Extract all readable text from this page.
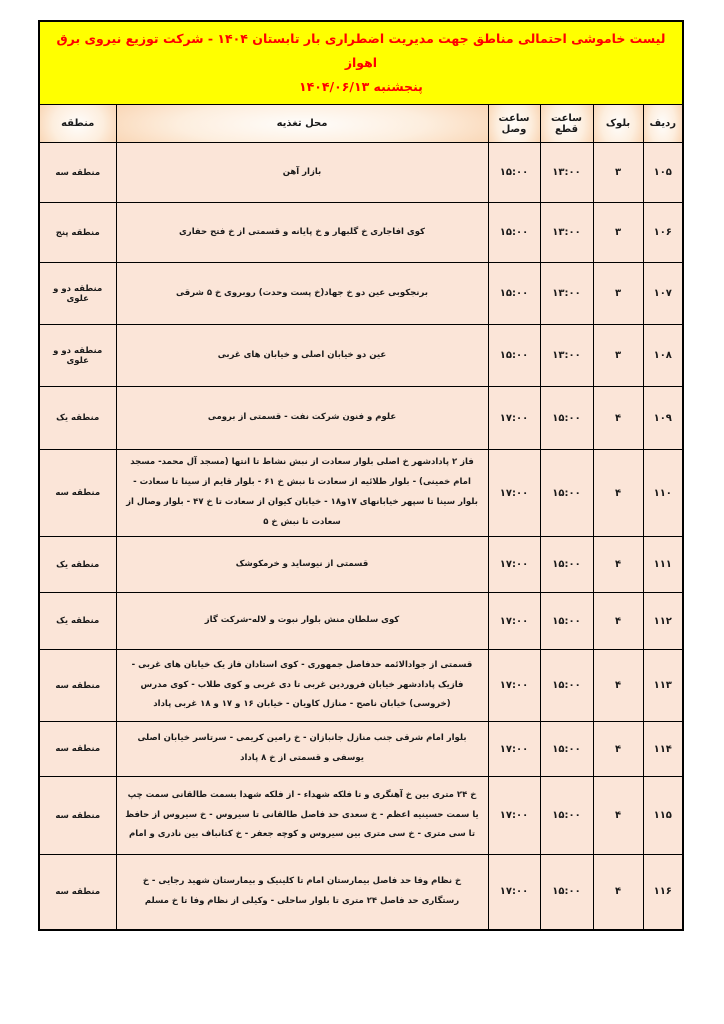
لیست خاموشی احتمالی مناطق جهت مدیریت اضطراری بار تابستان ۱۴۰۴ - شرکت توزیع نیروی برق اهواز
پنجشنبه ۱۴۰۴/۰۶/۱۳					

ردیف	بلوک	ساعت قطع	ساعت وصل	محل تغذیه	منطقه
۱۰۵	۳	۱۳:۰۰	۱۵:۰۰	بازار آهن	منطقه سه
۱۰۶	۳	۱۳:۰۰	۱۵:۰۰	کوی افاجاری خ گلبهار و خ پایانه و قسمتی از خ فتح حفاری	منطقه پنج
۱۰۷	۳	۱۳:۰۰	۱۵:۰۰	برنجکوبی عین دو خ جهاد(خ پست وحدت) روبروی خ ۵ شرقی	منطقه دو و علوی
۱۰۸	۳	۱۳:۰۰	۱۵:۰۰	عین دو خیابان اصلی و خیابان های غربی	منطقه دو و علوی
۱۰۹	۴	۱۵:۰۰	۱۷:۰۰	علوم و فنون شرکت نفت - قسمتی از برومی	منطقه یک
۱۱۰	۴	۱۵:۰۰	۱۷:۰۰	فاز ۲ پادادشهر خ اصلی بلوار سعادت از نبش نشاط تا انتها (مسجد آل محمد- مسجد امام خمینی) - بلوار طلائیه از سعادت تا نبش خ ۶۱ - بلوار قایم از سینا تا سعادت - بلوار سینا تا سپهر خیابانهای ۱۷و۱۸ - خیابان کیوان از سعادت تا خ ۴۷ - بلوار وصال از سعادت تا نبش خ ۵	منطقه سه
۱۱۱	۴	۱۵:۰۰	۱۷:۰۰	قسمتی از نیوساید و خرمکوشک	منطقه یک
۱۱۲	۴	۱۵:۰۰	۱۷:۰۰	کوی سلطان منش بلوار نبوت و لاله-شرکت گاز	منطقه یک
۱۱۳	۴	۱۵:۰۰	۱۷:۰۰	قسمتی از جوادالائمه حدفاصل جمهوری - کوی استادان فاز یک خیابان های غربی - فازیک پادادشهر خیابان فروردین غربی تا دی غربی و کوی طلاب - کوی مدرس (خروسی) خیابان ناصح - منازل کاویان - خیابان ۱۶ و ۱۷ و ۱۸ غربی پاداد	منطقه سه
۱۱۴	۴	۱۵:۰۰	۱۷:۰۰	بلوار امام شرقی جنب منازل جانبازان - خ رامین کریمی - سرتاسر خیابان اصلی یوسفی و قسمتی از خ ۸ پاداد	منطقه سه
۱۱۵	۴	۱۵:۰۰	۱۷:۰۰	خ ۲۴ متری بین خ آهنگری و تا فلکه شهداء - از فلکه شهدا بسمت طالقانی سمت چپ یا سمت حسینیه اعظم - خ سعدی حد فاصل طالقانی تا سیروس - خ سیروس از حافظ تا سی متری - خ سی متری بین سیروس و کوچه جعفر - خ کتانباف بین نادری و امام	منطقه سه
۱۱۶	۴	۱۵:۰۰	۱۷:۰۰	خ نظام وفا حد فاصل بیمارستان امام تا کلینیک و بیمارستان شهید رجایی - خ رستگاری حد فاصل ۲۴ متری تا بلوار ساحلی - وکیلی از نظام وفا تا خ مسلم	منطقه سه
